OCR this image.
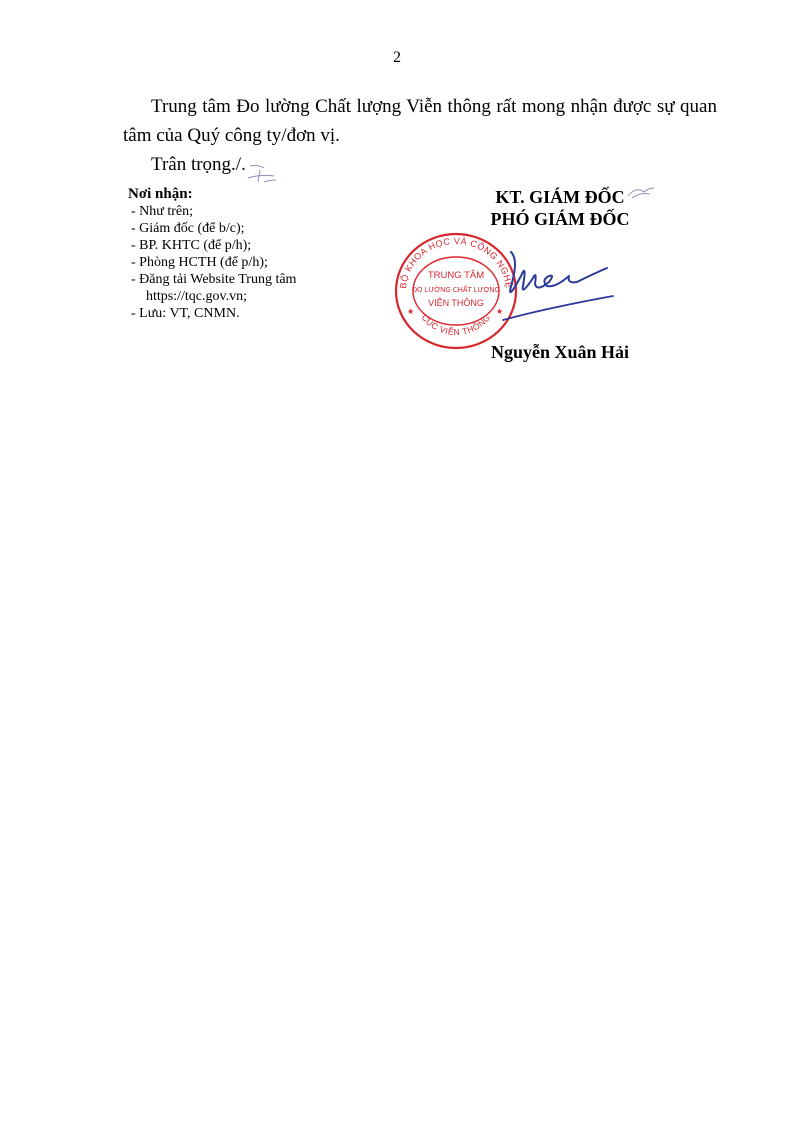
2
Trung tâm Đo lường Chất lượng Viễn thông rất mong nhận được sự quan tâm của Quý công ty/đơn vị.
Trân trọng./.
Nơi nhận:
- Như trên;
- Giám đốc (để b/c);
- BP. KHTC (để p/h);
- Phòng HCTH (để p/h);
- Đăng tải Website Trung tâm
https://tqc.gov.vn;
- Lưu: VT, CNMN.
KT. GIÁM ĐỐC
PHÓ GIÁM ĐỐC
BỘ KHOA HỌC VÀ CÔNG NGHỆ
CỤC VIỄN THÔNG
TRUNG TÂM
ĐO LƯỜNG CHẤT LƯỢNG
VIỄN THÔNG
★	★
Nguyễn Xuân Hải
